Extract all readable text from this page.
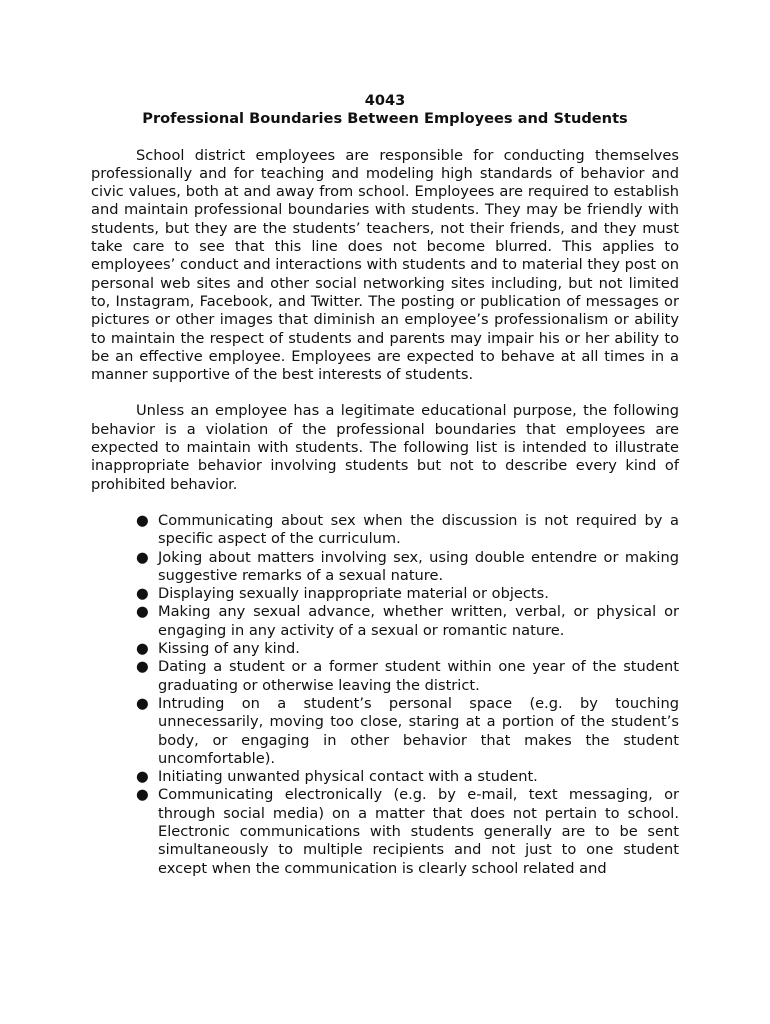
4043

Professional Boundaries Between Employees and Students

School district employees are responsible for conducting themselves professionally and for teaching and modeling high standards of behavior and civic values, both at and away from school. Employees are required to establish and maintain professional boundaries with students. They may be friendly with students, but they are the students’ teachers, not their friends, and they must take care to see that this line does not become blurred. This applies to employees’ conduct and interactions with students and to material they post on personal web sites and other social networking sites including, but not limited to, Instagram, Facebook, and Twitter. The posting or publication of messages or pictures or other images that diminish an employee’s professionalism or ability to maintain the respect of students and parents may impair his or her ability to be an effective employee. Employees are expected to behave at all times in a manner supportive of the best interests of students.

Unless an employee has a legitimate educational purpose, the following behavior is a violation of the professional boundaries that employees are expected to maintain with students. The following list is intended to illustrate inappropriate behavior involving students but not to describe every kind of prohibited behavior.

● Communicating about sex when the discussion is not required by a specific aspect of the curriculum.
● Joking about matters involving sex, using double entendre or making suggestive remarks of a sexual nature.
● Displaying sexually inappropriate material or objects.
● Making any sexual advance, whether written, verbal, or physical or engaging in any activity of a sexual or romantic nature.
● Kissing of any kind.
● Dating a student or a former student within one year of the student graduating or otherwise leaving the district.
● Intruding on a student’s personal space (e.g. by touching unnecessarily, moving too close, staring at a portion of the student’s body, or engaging in other behavior that makes the student uncomfortable).
● Initiating unwanted physical contact with a student.
● Communicating electronically (e.g. by e-mail, text messaging, or through social media) on a matter that does not pertain to school. Electronic communications with students generally are to be sent simultaneously to multiple recipients and not just to one student except when the communication is clearly school related and
